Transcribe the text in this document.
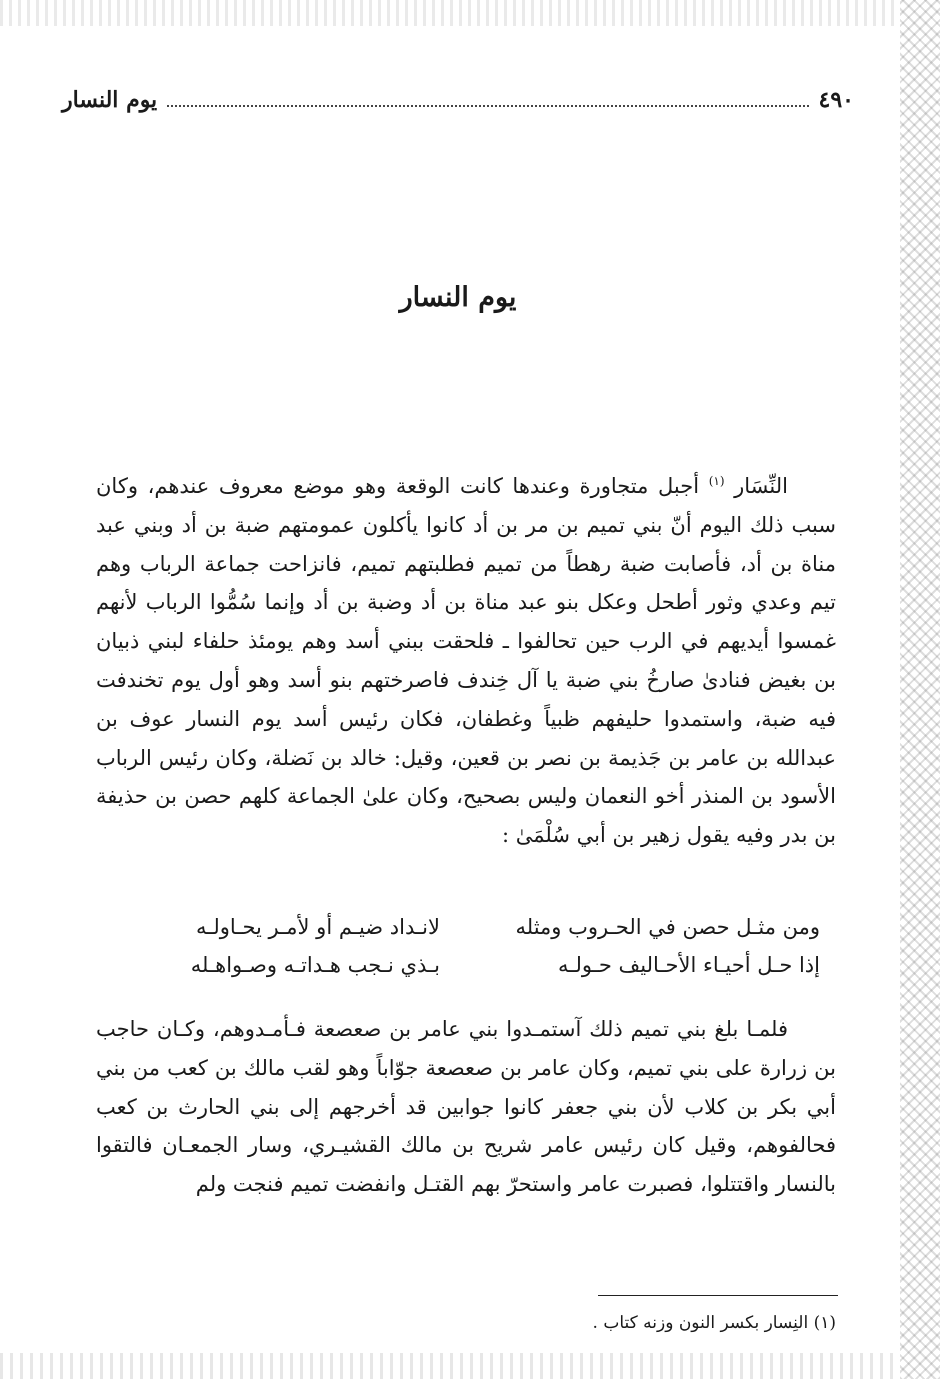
٤٩٠
يوم النسار
يوم النسار

النِّسَار $^{(١)}$ أجبل متجاورة وعندها كانت الوقعة وهو موضع معروف عندهم، وكان سبب ذلك اليوم أنّ بني تميم بن مر بن أد كانوا يأكلون عمومتهم ضبة بن أد وبني عبد مناة بن أد، فأصابت ضبة رهطاً من تميم فطلبتهم تميم، فانزاحت جماعة الرباب وهم تيم وعدي وثور أطحل وعكل بنو عبد مناة بن أد وضبة بن أد وإنما سُمُّوا الرباب لأنهم غمسوا أيديهم في الرب حين تحالفوا ـ فلحقت ببني أسد وهم يومئذ حلفاء لبني ذبيان بن بغيض فنادىٰ صارخُ بني ضبة يا آل خِندف فاصرختهم بنو أسد وهو أول يوم تخندفت فيه ضبة، واستمدوا حليفهم ظبياً وغطفان، فكان رئيس أسد يوم النسار عوف بن عبدالله بن عامر بن جَذيمة بن نصر بن قعين، وقيل: خالد بن نَضلة، وكان رئيس الرباب الأسود بن المنذر أخو النعمان وليس بصحيح، وكان علىٰ الجماعة كلهم حصن بن حذيفة بن بدر وفيه يقول زهير بن أبي سُلْمَىٰ :

ومن مثـل حصن في الحـروب ومثله
لانـداد ضيـم أو لأمـر يحـاولـه
إذا حـل أحيـاء الأحـاليف حـولـه
بـذي نـجب هـداتـه وصـواهـله

فلمـا بلغ بني تميم ذلك آستمـدوا بني عامر بن صعصعة فـأمـدوهم، وكـان حاجب بن زرارة على بني تميم، وكان عامر بن صعصعة جوّاباً وهو لقب مالك بن كعب من بني أبي بكر بن كلاب لأن بني جعفر كانوا جوابين قد أخرجهم إلى بني الحارث بن كعب فحالفوهم، وقيل كان رئيس عامر شريح بن مالك القشيـري، وسار الجمعـان فالتقوا بالنسار واقتتلوا، فصبرت عامر واستحرّ بهم القتـل وانفضت تميم فنجت ولم

(١) النِسار بكسر النون وزنه كتاب .
